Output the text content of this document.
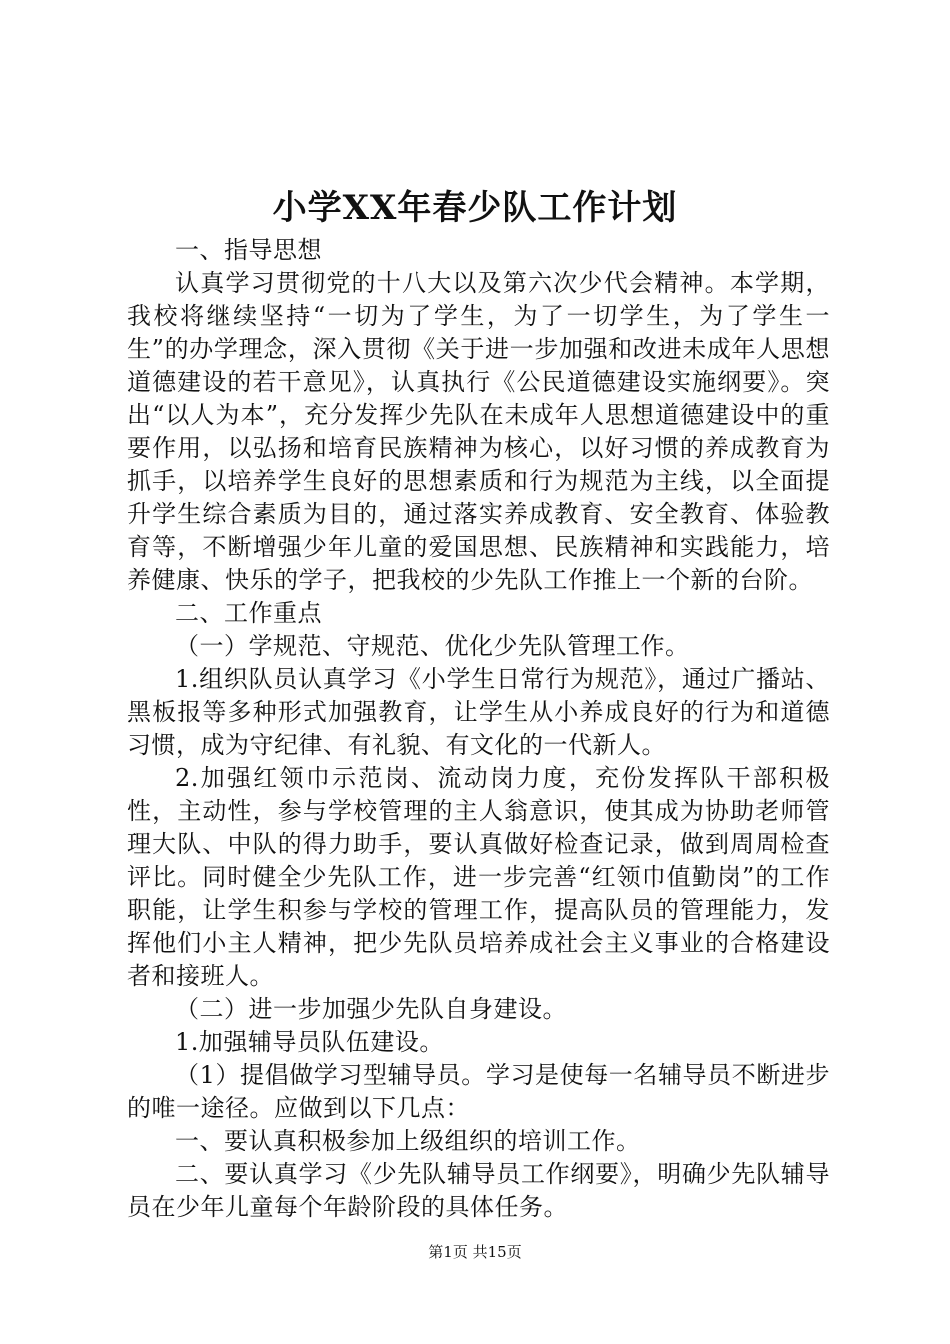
小学XX年春少队工作计划

一、指导思想

认真学习贯彻党的十八大以及第六次少代会精神。本学期，我校将继续坚持“一切为了学生，为了一切学生，为了学生一生”的办学理念，深入贯彻《关于进一步加强和改进未成年人思想道德建设的若干意见》，认真执行《公民道德建设实施纲要》。突出“以人为本”，充分发挥少先队在未成年人思想道德建设中的重要作用，以弘扬和培育民族精神为核心，以好习惯的养成教育为抓手，以培养学生良好的思想素质和行为规范为主线，以全面提升学生综合素质为目的，通过落实养成教育、安全教育、体验教育等，不断增强少年儿童的爱国思想、民族精神和实践能力，培养健康、快乐的学子，把我校的少先队工作推上一个新的台阶。

二、工作重点

（一）学规范、守规范、优化少先队管理工作。

1.组织队员认真学习《小学生日常行为规范》，通过广播站、黑板报等多种形式加强教育，让学生从小养成良好的行为和道德习惯，成为守纪律、有礼貌、有文化的一代新人。

2.加强红领巾示范岗、流动岗力度，充份发挥队干部积极性，主动性，参与学校管理的主人翁意识，使其成为协助老师管理大队、中队的得力助手，要认真做好检查记录，做到周周检查评比。同时健全少先队工作，进一步完善“红领巾值勤岗”的工作职能，让学生积参与学校的管理工作，提高队员的管理能力，发挥他们小主人精神，把少先队员培养成社会主义事业的合格建设者和接班人。

（二）进一步加强少先队自身建设。

1.加强辅导员队伍建设。

（1）提倡做学习型辅导员。学习是使每一名辅导员不断进步的唯一途径。应做到以下几点：

一、要认真积极参加上级组织的培训工作。

二、要认真学习《少先队辅导员工作纲要》，明确少先队辅导员在少年儿童每个年龄阶段的具体任务。

第1页 共15页
